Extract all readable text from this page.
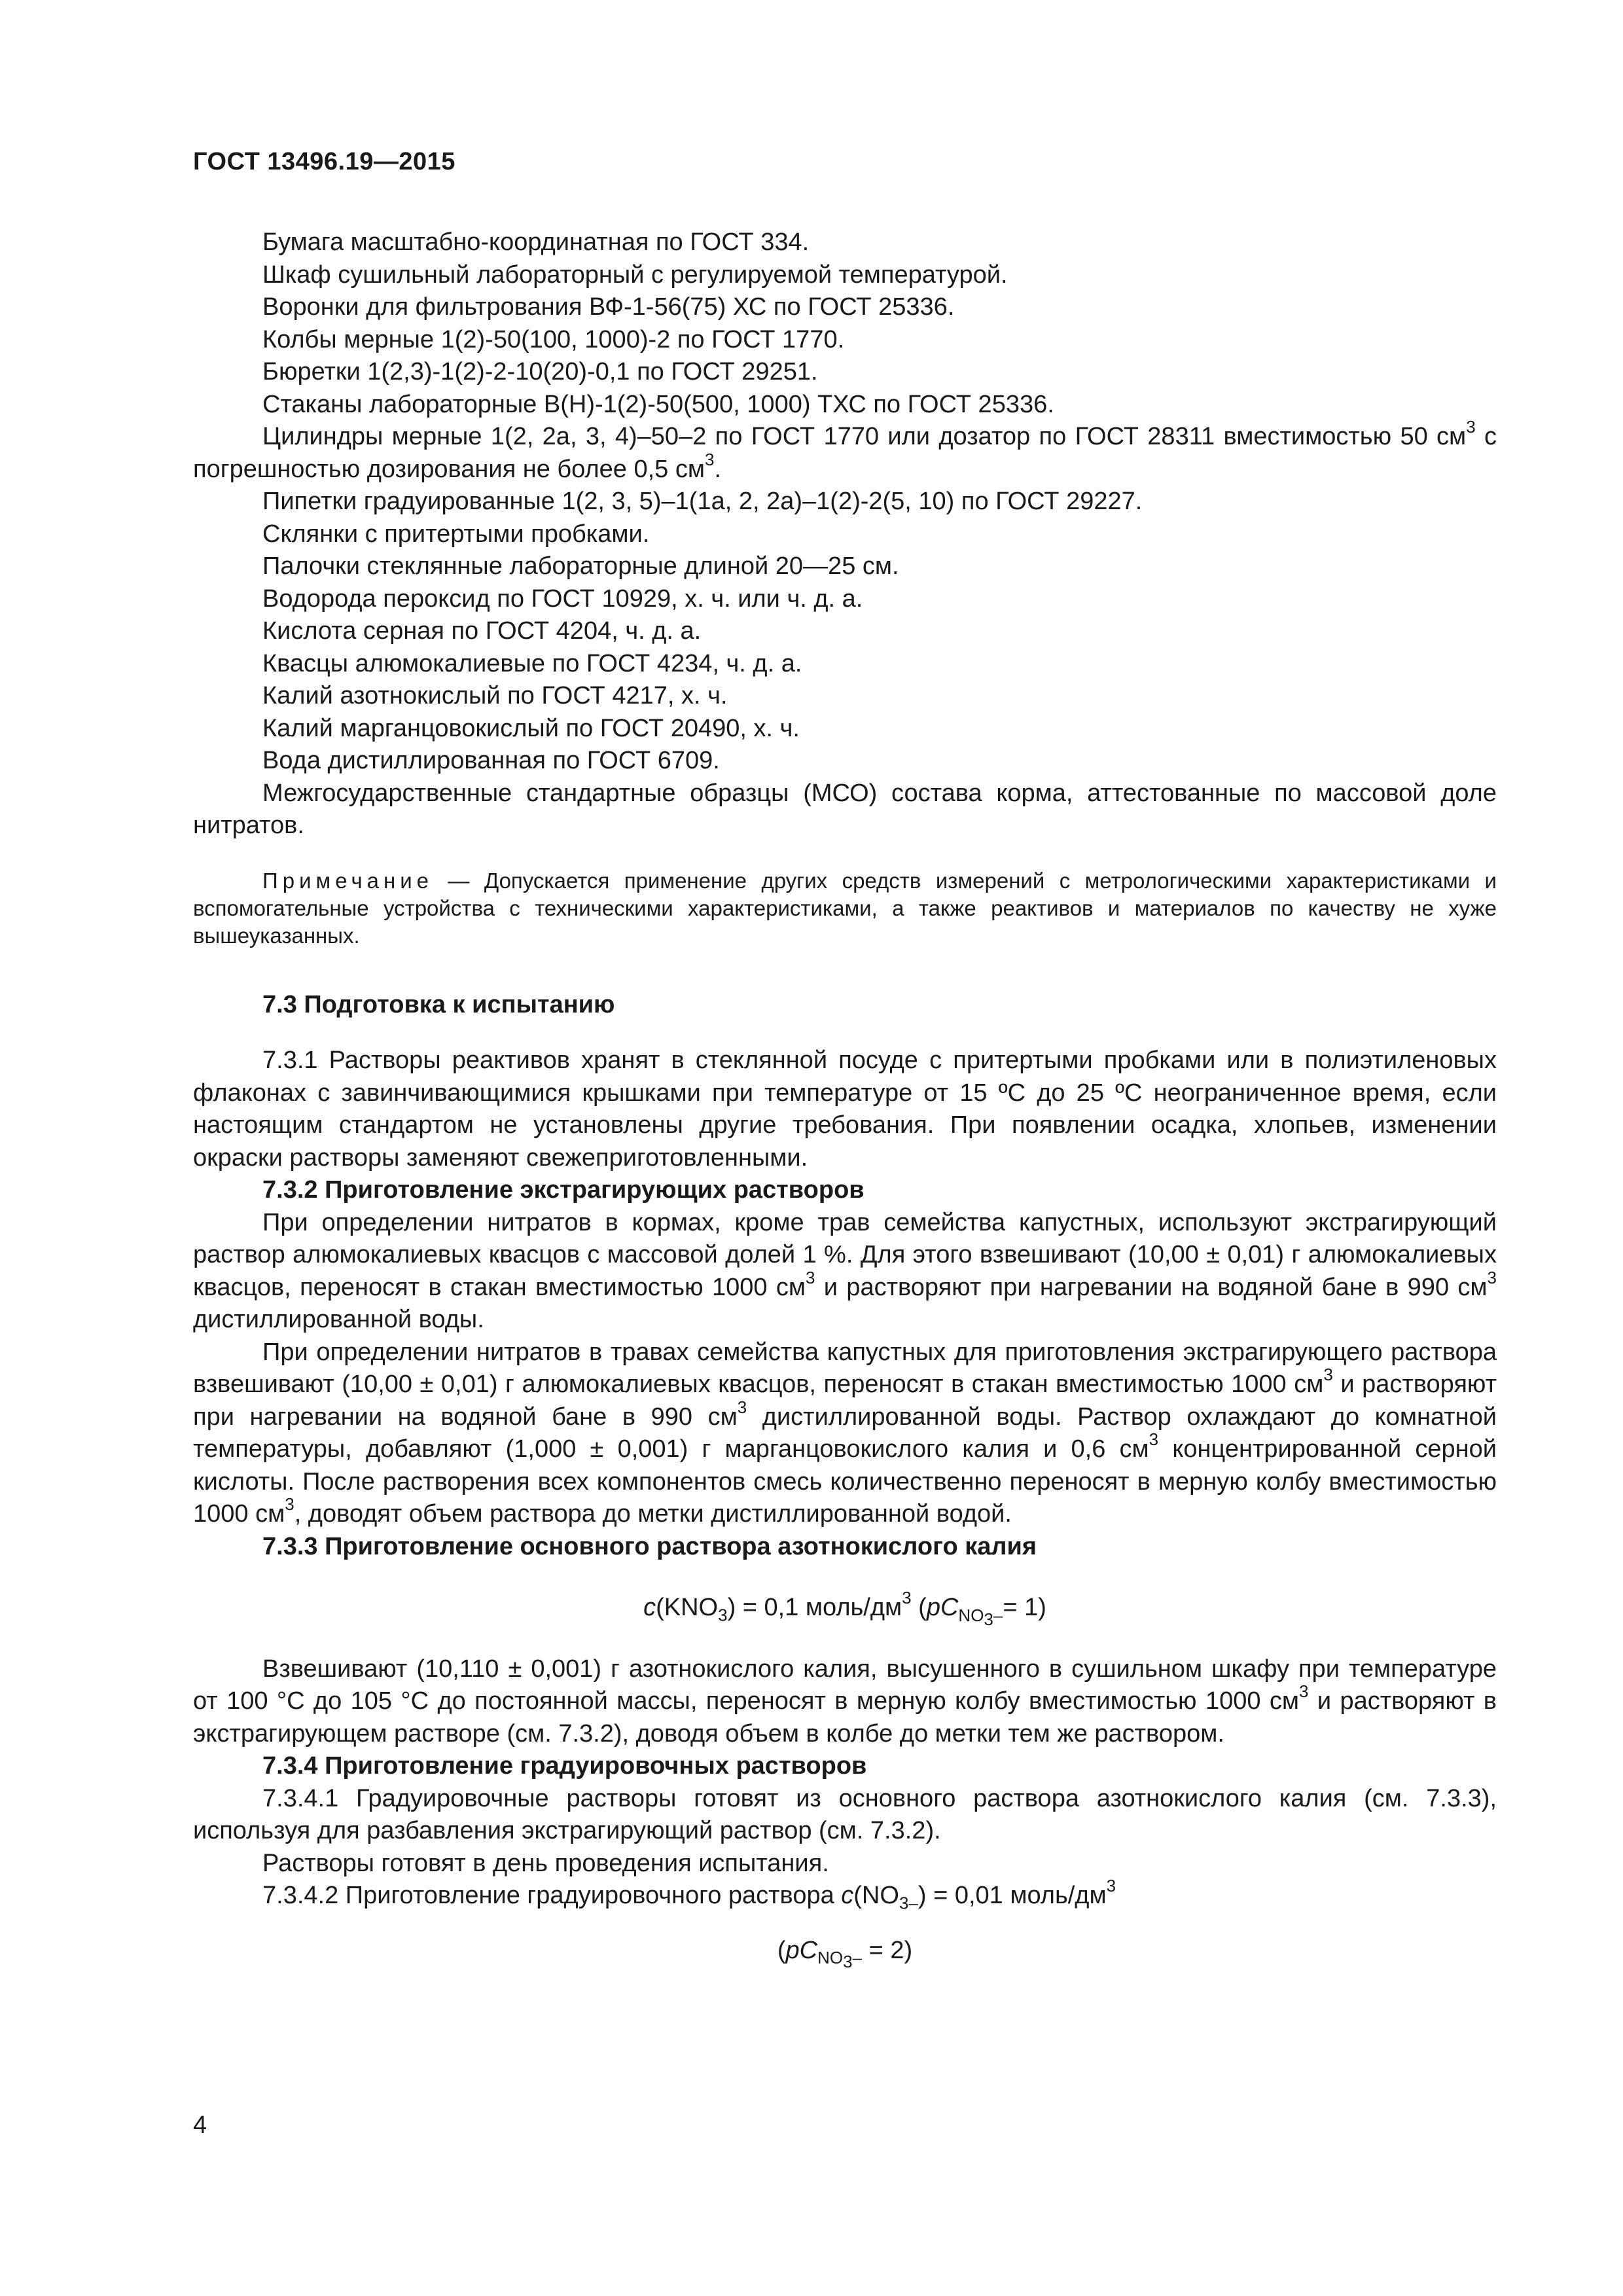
ГОСТ 13496.19—2015

Бумага масштабно-координатная по ГОСТ 334.

Шкаф сушильный лабораторный с регулируемой температурой.

Воронки для фильтрования ВФ-1-56(75) ХС по ГОСТ 25336.

Колбы мерные 1(2)-50(100, 1000)-2 по ГОСТ 1770.

Бюретки 1(2,3)-1(2)-2-10(20)-0,1 по ГОСТ 29251.

Стаканы лабораторные В(Н)-1(2)-50(500, 1000) ТХС по ГОСТ 25336.

Цилиндры мерные 1(2, 2а, 3, 4)–50–2 по ГОСТ 1770 или дозатор по ГОСТ 28311 вместимостью 50 $см^3$ с погрешностью дозирования не более 0,5 $см^3$.

Пипетки градуированные 1(2, 3, 5)–1(1а, 2, 2а)–1(2)-2(5, 10) по ГОСТ 29227.

Склянки с притертыми пробками.

Палочки стеклянные лабораторные длиной 20—25 см.

Водорода пероксид по ГОСТ 10929, х. ч. или ч. д. а.

Кислота серная по ГОСТ 4204, ч. д. а.

Квасцы алюмокалиевые по ГОСТ 4234, ч. д. а.

Калий азотнокислый по ГОСТ 4217, х. ч.

Калий марганцовокислый по ГОСТ 20490, х. ч.

Вода дистиллированная по ГОСТ 6709.

Межгосударственные стандартные образцы (МСО) состава корма, аттестованные по массовой доле нитратов.

Примечание — Допускается применение других средств измерений с метрологическими характеристиками и вспомогательные устройства с техническими характеристиками, а также реактивов и материалов по качеству не хуже вышеуказанных.

7.3 Подготовка к испытанию

7.3.1 Растворы реактивов хранят в стеклянной посуде с притертыми пробками или в полиэтиленовых флаконах с завинчивающимися крышками при температуре от 15 ºС до 25 ºС неограниченное время, если настоящим стандартом не установлены другие требования. При появлении осадка, хлопьев, изменении окраски растворы заменяют свежеприготовленными.

7.3.2 Приготовление экстрагирующих растворов

При определении нитратов в кормах, кроме трав семейства капустных, используют экстрагирующий раствор алюмокалиевых квасцов с массовой долей 1 %. Для этого взвешивают (10,00 ± 0,01) г алюмокалиевых квасцов, переносят в стакан вместимостью 1000 $см^3$ и растворяют при нагревании на водяной бане в 990 $см^3$ дистиллированной воды.

При определении нитратов в травах семейства капустных для приготовления экстрагирующего раствора взвешивают (10,00 ± 0,01) г алюмокалиевых квасцов, переносят в стакан вместимостью 1000 $см^3$ и растворяют при нагревании на водяной бане в 990 $см^3$ дистиллированной воды. Раствор охлаждают до комнатной температуры, добавляют (1,000 ± 0,001) г марганцовокислого калия и 0,6 $см^3$ концентрированной серной кислоты. После растворения всех компонентов смесь количественно переносят в мерную колбу вместимостью 1000 $см^3$, доводят объем раствора до метки дистиллированной водой.

7.3.3 Приготовление основного раствора азотнокислого калия

$c(KNO_3) = 0,1$ моль/$дм^3$ $(pC_{NO_3-}= 1)$

Взвешивают (10,110 ± 0,001) г азотнокислого калия, высушенного в сушильном шкафу при температуре от 100 °С до 105 °С до постоянной массы, переносят в мерную колбу вместимостью 1000 $см^3$ и растворяют в экстрагирующем растворе (см. 7.3.2), доводя объем в колбе до метки тем же раствором.

7.3.4 Приготовление градуировочных растворов

7.3.4.1 Градуировочные растворы готовят из основного раствора азотнокислого калия (см. 7.3.3), используя для разбавления экстрагирующий раствор (см. 7.3.2).

Растворы готовят в день проведения испытания.

7.3.4.2 Приготовление градуировочного раствора $c(NO_{3-}) = 0,01$ моль/$дм^3$

$(pC_{NO_3-} = 2)$

4
